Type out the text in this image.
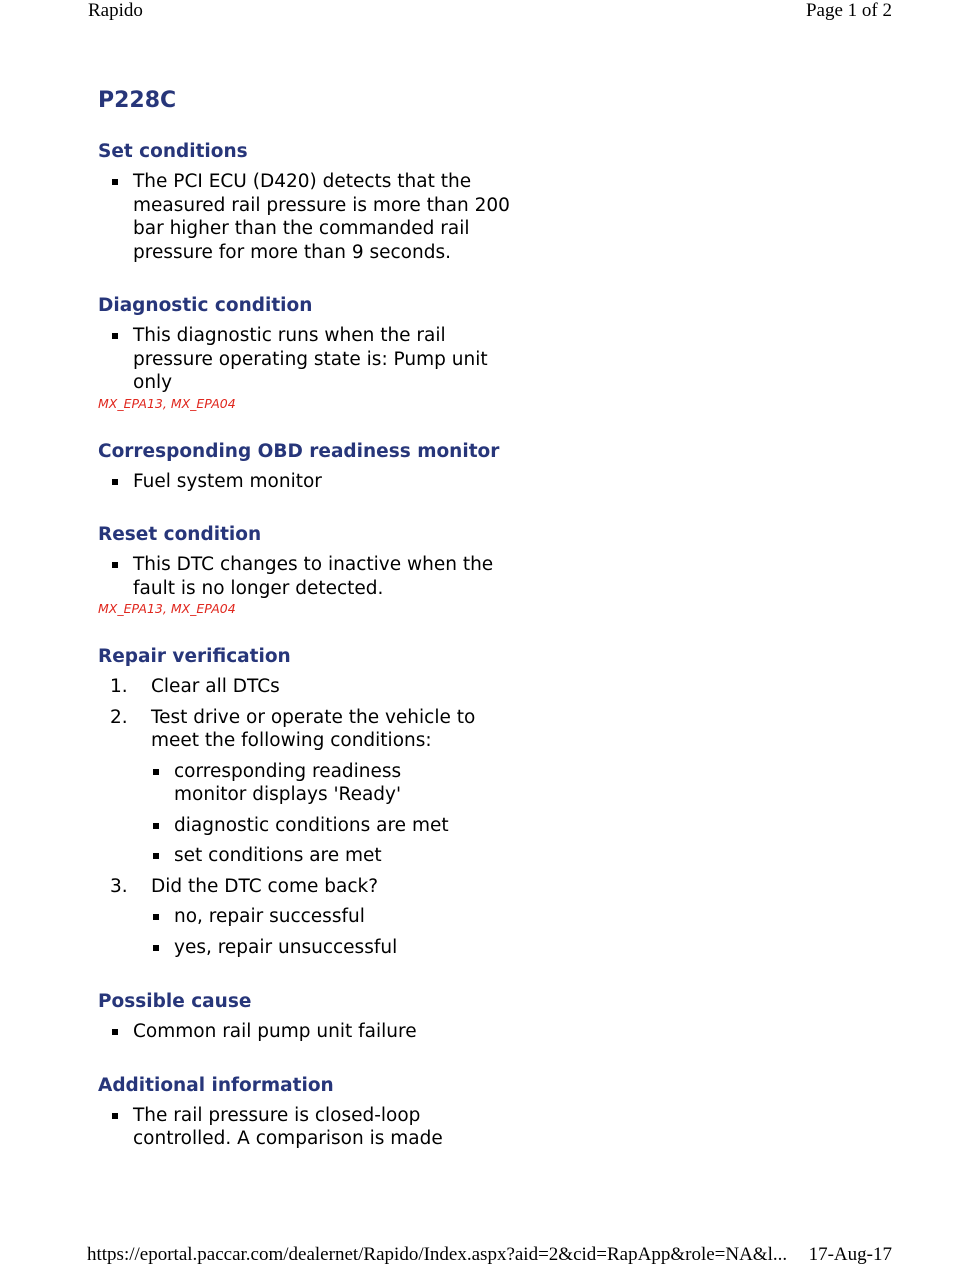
Rapido	Page 1 of 2
P228C
Set conditions
The PCI ECU (D420) detects that the measured rail pressure is more than 200 bar higher than the commanded rail pressure for more than 9 seconds.
Diagnostic condition
This diagnostic runs when the rail pressure operating state is: Pump unit only
MX_EPA13, MX_EPA04
Corresponding OBD readiness monitor
Fuel system monitor
Reset condition
This DTC changes to inactive when the fault is no longer detected.
MX_EPA13, MX_EPA04
Repair verification
1. Clear all DTCs
2. Test drive or operate the vehicle to meet the following conditions:
corresponding readiness monitor displays 'Ready'
diagnostic conditions are met
set conditions are met
3. Did the DTC come back?
no, repair successful
yes, repair unsuccessful
Possible cause
Common rail pump unit failure
Additional information
The rail pressure is closed-loop controlled. A comparison is made
https://eportal.paccar.com/dealernet/Rapido/Index.aspx?aid=2&cid=RapApp&role=NA&l... 17-Aug-17
